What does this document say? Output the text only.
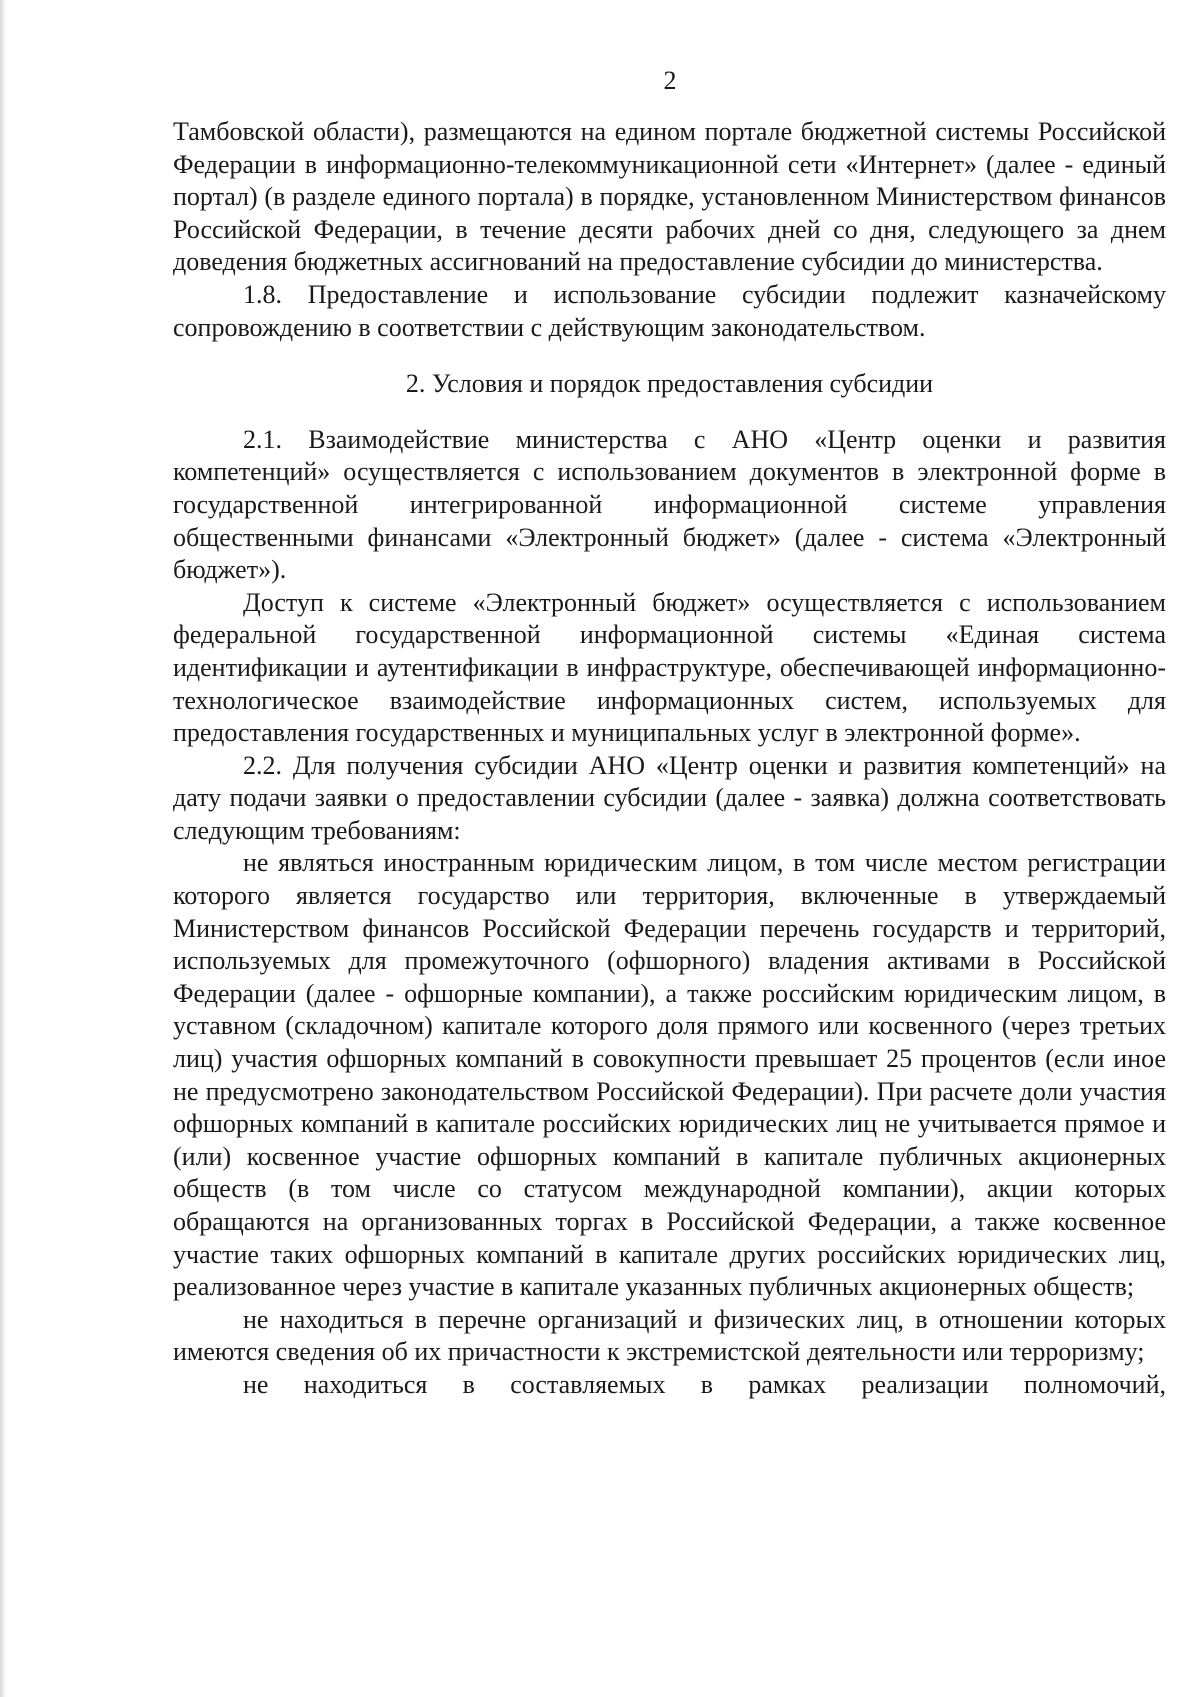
2

Тамбовской области), размещаются на едином портале бюджетной системы Российской Федерации в информационно-телекоммуникационной сети «Интернет» (далее - единый портал) (в разделе единого портала) в порядке, установленном Министерством финансов Российской Федерации, в течение десяти рабочих дней со дня, следующего за днем доведения бюджетных ассигнований на предоставление субсидии до министерства.

1.8. Предоставление и использование субсидии подлежит казначейскому сопровождению в соответствии с действующим законодательством.

2. Условия и порядок предоставления субсидии

2.1. Взаимодействие министерства с АНО «Центр оценки и развития компетенций» осуществляется с использованием документов в электронной форме в государственной интегрированной информационной системе управления общественными финансами «Электронный бюджет» (далее - система «Электронный бюджет»).

Доступ к системе «Электронный бюджет» осуществляется с использованием федеральной государственной информационной системы «Единая система идентификации и аутентификации в инфраструктуре, обеспечивающей информационно-технологическое взаимодействие информационных систем, используемых для предоставления государственных и муниципальных услуг в электронной форме».

2.2. Для получения субсидии АНО «Центр оценки и развития компетенций» на дату подачи заявки о предоставлении субсидии (далее - заявка) должна соответствовать следующим требованиям:

не являться иностранным юридическим лицом, в том числе местом регистрации которого является государство или территория, включенные в утверждаемый Министерством финансов Российской Федерации перечень государств и территорий, используемых для промежуточного (офшорного) владения активами в Российской Федерации (далее - офшорные компании), а также российским юридическим лицом, в уставном (складочном) капитале которого доля прямого или косвенного (через третьих лиц) участия офшорных компаний в совокупности превышает 25 процентов (если иное не предусмотрено законодательством Российской Федерации). При расчете доли участия офшорных компаний в капитале российских юридических лиц не учитывается прямое и (или) косвенное участие офшорных компаний в капитале публичных акционерных обществ (в том числе со статусом международной компании), акции которых обращаются на организованных торгах в Российской Федерации, а также косвенное участие таких офшорных компаний в капитале других российских юридических лиц, реализованное через участие в капитале указанных публичных акционерных обществ;

не находиться в перечне организаций и физических лиц, в отношении которых имеются сведения об их причастности к экстремистской деятельности или терроризму;

не находиться в составляемых в рамках реализации полномочий,
